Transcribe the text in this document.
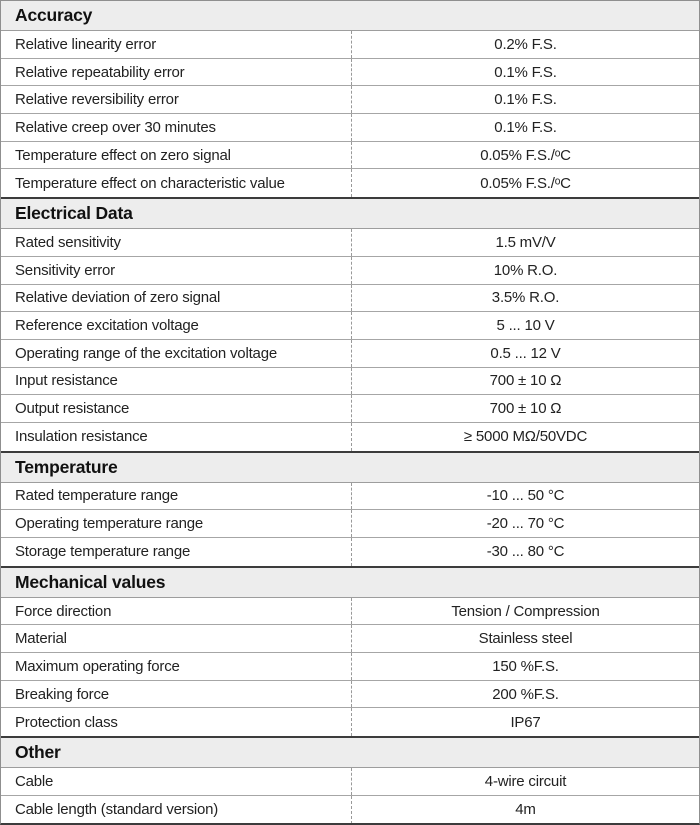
Accuracy
Relative linearity error	0.2% F.S.
Relative repeatability error	0.1% F.S.
Relative reversibility error	0.1% F.S.
Relative creep over 30 minutes	0.1% F.S.
Temperature effect on zero signal	0.05% F.S./ᵒC
Temperature effect on characteristic value	0.05% F.S./ᵒC
Electrical Data
Rated sensitivity	1.5 mV/V
Sensitivity error	10% R.O.
Relative deviation of zero signal	3.5% R.O.
Reference excitation voltage	5 ... 10 V
Operating range of the excitation voltage	0.5 ... 12 V
Input resistance	700 ± 10 Ω
Output resistance	700 ± 10 Ω
Insulation resistance	≥ 5000 MΩ/50VDC
Temperature
Rated temperature range	-10 ... 50 °C
Operating temperature range	-20 ... 70 °C
Storage temperature range	-30 ... 80 °C
Mechanical values
Force direction	Tension / Compression
Material	Stainless steel
Maximum operating force	150 %F.S.
Breaking force	200 %F.S.
Protection class	IP67
Other
Cable	4-wire circuit
Cable length (standard version)	4m
